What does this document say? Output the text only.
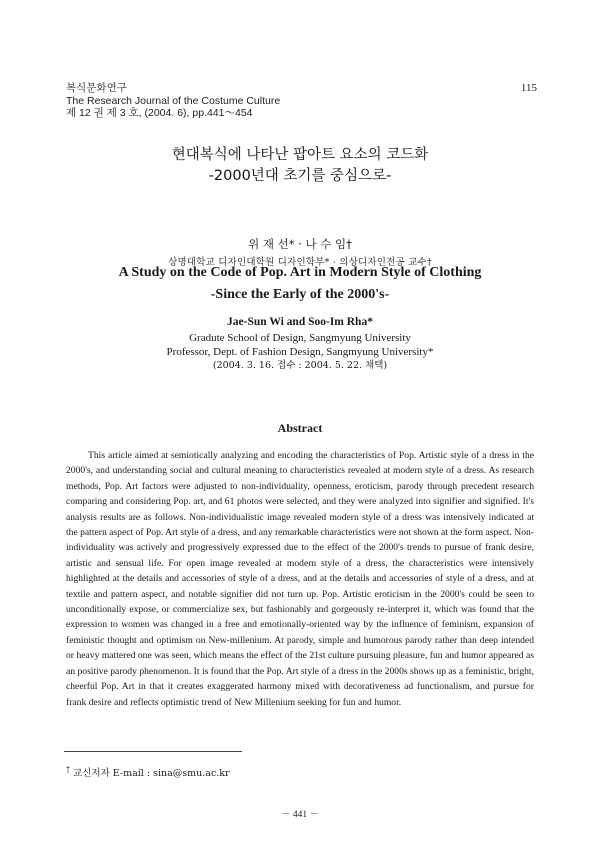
복식문화연구
The Research Journal of the Costume Culture
제 12 권 제 3 호, (2004. 6), pp.441～454
115
현대복식에 나타난 팝아트 요소의 코드화
-2000년대 초기를 중심으로-
위 재 선* · 나 수 임†
상명대학교 디자인대학원 디자인학부* · 의상디자인전공 교수†
A Study on the Code of Pop. Art in Modern Style of Clothing
-Since the Early of the 2000's-
Jae-Sun Wi and Soo-Im Rha*
Gradute School of Design, Sangmyung University
Professor, Dept. of Fashion Design, Sangmyung University*
(2004. 3. 16. 접수 : 2004. 5. 22. 채택)
Abstract
This article aimed at semiotically analyzing and encoding the characteristics of Pop. Artistic style of a dress in the 2000's, and understanding social and cultural meaning to characteristics revealed at modern style of a dress. As research methods, Pop. Art factors were adjusted to non-individuality, openness, eroticism, parody through precedent research comparing and considering Pop. art, and 61 photos were selected, and they were analyzed into signifier and signified. It's analysis results are as follows. Non-individualistic image revealed modern style of a dress was intensively indicated at the pattern aspect of Pop. Art style of a dress, and any remarkable characteristics were not shown at the form aspect. Non-individuality was actively and progressively expressed due to the effect of the 2000's trends to pursue of frank desire, artistic and sensual life. For open image revealed at modern style of a dress, the characteristics were intensively highlighted at the details and accessories of style of a dress, and at the details and accessories of style of a dress, and at textile and pattern aspect, and notable signifier did not turn up. Pop. Artistic eroticism in the 2000's could be seen to unconditionally expose, or commercialize sex, but fashionably and gorgeously re-interpret it, which was found that the expression to women was changed in a free and emotionally-oriented way by the influence of feminism, expansion of feministic thought and optimism on New-millenium. At parody, simple and humorous parody rather than deep intended or heavy mattered one was seen, which means the effect of the 21st culture pursuing pleasure, fun and humor appeared as an positive parody phenomenon. It is found that the Pop. Art style of a dress in the 2000s shows up as a feministic, bright, cheerful Pop. Art in that it creates exaggerated harmony mixed with decorativeness ad functionalism, and pursue for frank desire and reflects optimistic trend of New Millenium seeking for fun and humor.
† 교신저자 E-mail : sina@smu.ac.kr
－ 441 －
